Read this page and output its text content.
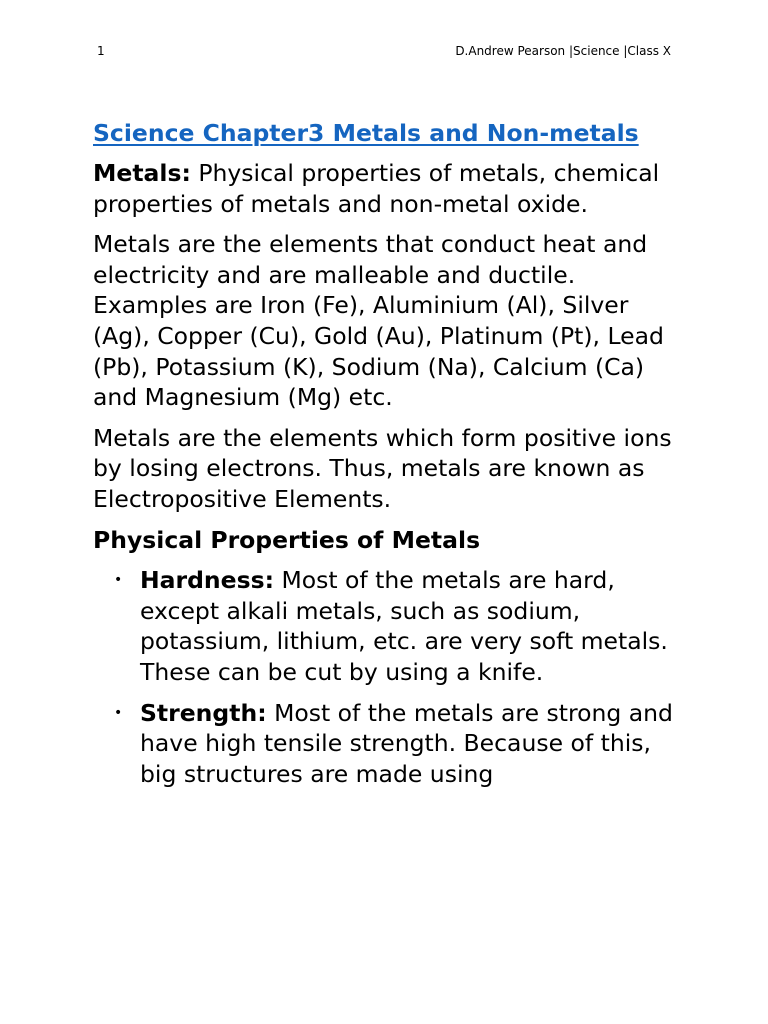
1	D.Andrew Pearson |Science |Class X
Science Chapter3 Metals and Non-metals

Metals: Physical properties of metals, chemical properties of metals and non-metal oxide.

Metals are the elements that conduct heat and electricity and are malleable and ductile. Examples are Iron (Fe), Aluminium (Al), Silver (Ag), Copper (Cu), Gold (Au), Platinum (Pt), Lead (Pb), Potassium (K), Sodium (Na), Calcium (Ca) and Magnesium (Mg) etc.

Metals are the elements which form positive ions by losing electrons. Thus, metals are known as Electropositive Elements.

Physical Properties of Metals
• Hardness: Most of the metals are hard, except alkali metals, such as sodium, potassium, lithium, etc. are very soft metals. These can be cut by using a knife.
• Strength: Most of the metals are strong and have high tensile strength. Because of this, big structures are made using
